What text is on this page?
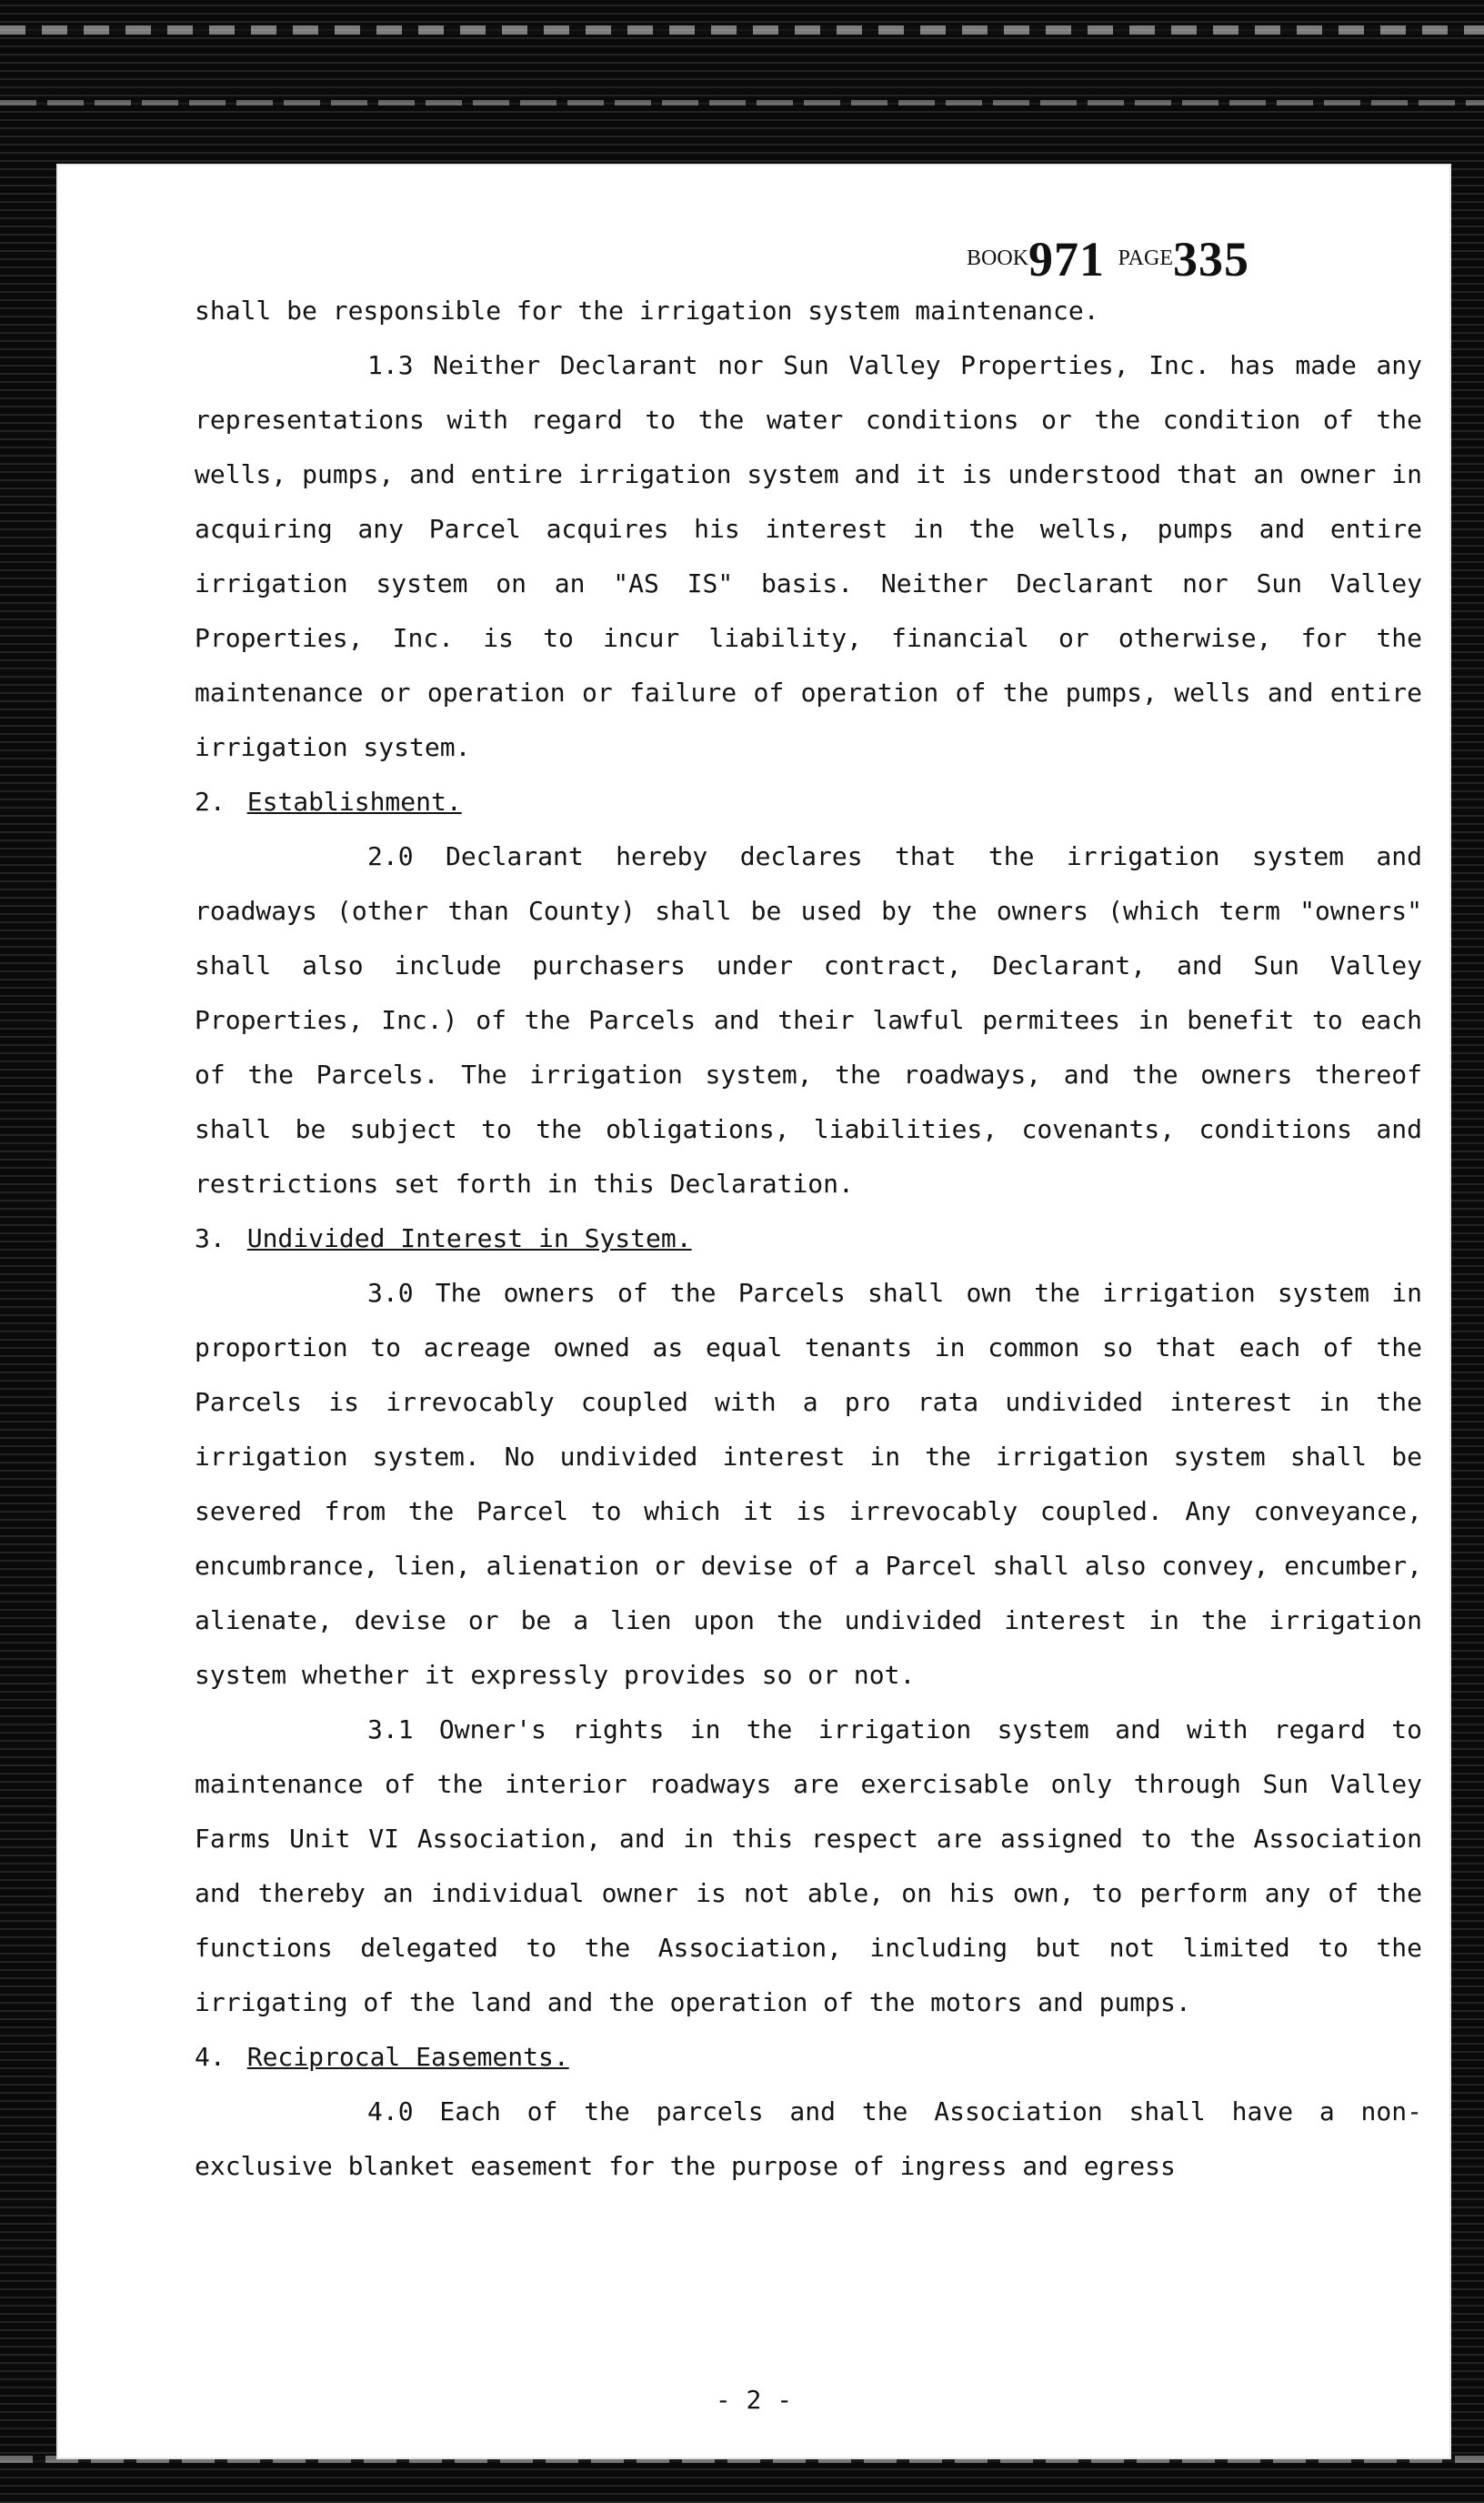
$^{BOOK}$971 $^{PAGE}$335

shall be responsible for the irrigation system maintenance.

1.3 Neither Declarant nor Sun Valley Properties, Inc. has made any representations with regard to the water conditions or the condition of the wells, pumps, and entire irrigation system and it is understood that an owner in acquiring any Parcel acquires his interest in the wells, pumps and entire irrigation system on an "AS IS" basis. Neither Declarant nor Sun Valley Properties, Inc. is to incur liability, financial or otherwise, for the maintenance or operation or failure of operation of the pumps, wells and entire irrigation system.

2. Establishment.

2.0 Declarant hereby declares that the irrigation system and roadways (other than County) shall be used by the owners (which term "owners" shall also include purchasers under contract, Declarant, and Sun Valley Properties, Inc.) of the Parcels and their lawful permitees in benefit to each of the Parcels. The irrigation system, the roadways, and the owners thereof shall be subject to the obligations, liabilities, covenants, conditions and restrictions set forth in this Declaration.

3. Undivided Interest in System.

3.0 The owners of the Parcels shall own the irrigation system in proportion to acreage owned as equal tenants in common so that each of the Parcels is irrevocably coupled with a pro rata undivided interest in the irrigation system. No undivided interest in the irrigation system shall be severed from the Parcel to which it is irrevocably coupled. Any conveyance, encumbrance, lien, alienation or devise of a Parcel shall also convey, encumber, alienate, devise or be a lien upon the undivided interest in the irrigation system whether it expressly provides so or not.

3.1 Owner's rights in the irrigation system and with regard to maintenance of the interior roadways are exercisable only through Sun Valley Farms Unit VI Association, and in this respect are assigned to the Association and thereby an individual owner is not able, on his own, to perform any of the functions delegated to the Association, including but not limited to the irrigating of the land and the operation of the motors and pumps.

4. Reciprocal Easements.

4.0 Each of the parcels and the Association shall have a non-exclusive blanket easement for the purpose of ingress and egress

- 2 -
